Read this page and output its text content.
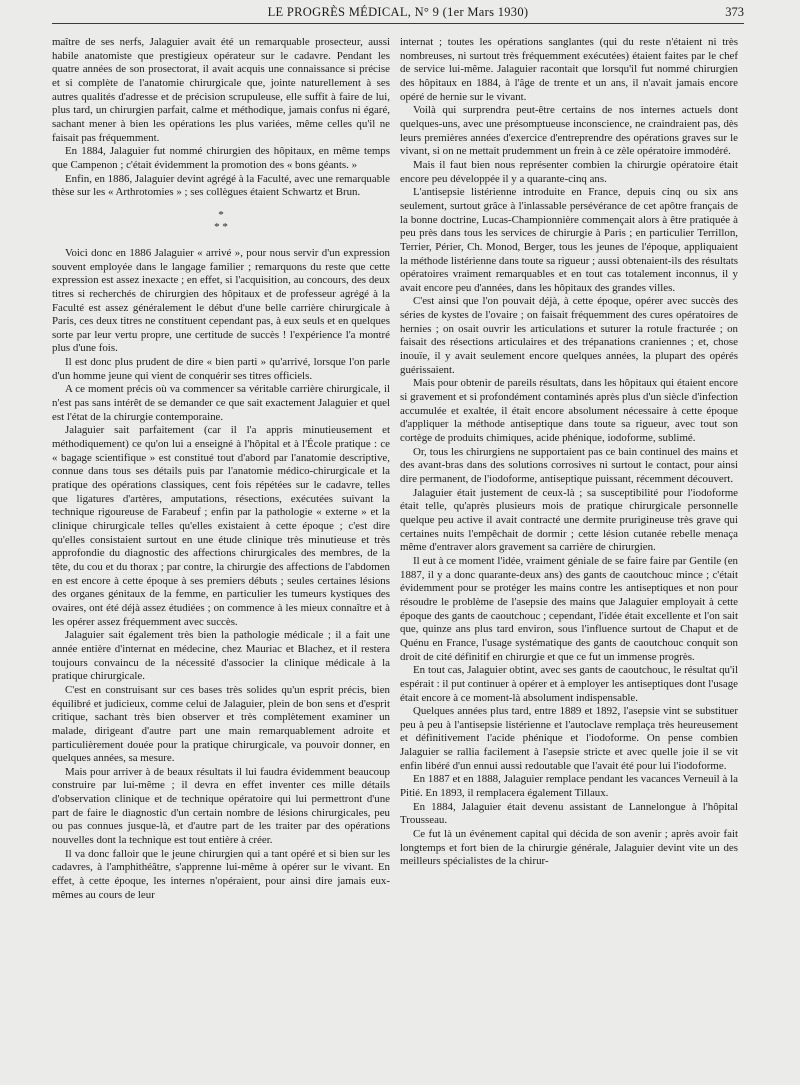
LE PROGRÈS MÉDICAL, N° 9 (1er Mars 1930)	373

maître de ses nerfs, Jalaguier avait été un remarquable prosecteur, aussi habile anatomiste que prestigieux opérateur sur le cadavre. Pendant les quatre années de son prosectorat, il avait acquis une connaissance si précise et si complète de l'anatomie chirurgicale que, jointe naturellement à ses autres qualités d'adresse et de précision scrupuleuse, elle suffit à faire de lui, plus tard, un chirurgien parfait, calme et méthodique, jamais confus ni égaré, sachant mener à bien les opérations les plus variées, même celles qu'il ne faisait pas fréquemment.

En 1884, Jalaguier fut nommé chirurgien des hôpitaux, en même temps que Campenon ; c'était évidemment la promotion des « bons géants. »

Enfin, en 1886, Jalaguier devint agrégé à la Faculté, avec une remarquable thèse sur les « Arthrotomies » ; ses collègues étaient Schwartz et Brun.

*
* *

Voici donc en 1886 Jalaguier « arrivé », pour nous servir d'un expression souvent employée dans le langage familier ; remarquons du reste que cette expression est assez inexacte ; en effet, si l'acquisition, au concours, des deux titres si recherchés de chirurgien des hôpitaux et de professeur agrégé à la Faculté est assez généralement le début d'une belle carrière chirurgicale à Paris, ces deux titres ne constituent cependant pas, à eux seuls et en quelques sorte par leur vertu propre, une certitude de succès ! l'expérience l'a montré plus d'une fois.

Il est donc plus prudent de dire « bien parti » qu'arrivé, lorsque l'on parle d'un homme jeune qui vient de conquérir ses titres officiels.

A ce moment précis où va commencer sa véritable carrière chirurgicale, il n'est pas sans intérêt de se demander ce que sait exactement Jalaguier et quel est l'état de la chirurgie contemporaine.

Jalaguier sait parfaitement (car il l'a appris minutieusement et méthodiquement) ce qu'on lui a enseigné à l'hôpital et à l'École pratique : ce « bagage scientifique » est constitué tout d'abord par l'anatomie descriptive, connue dans tous ses détails puis par l'anatomie médico-chirurgicale et la pratique des opérations classiques, cent fois répétées sur le cadavre, telles que ligatures d'artères, amputations, résections, exécutées suivant la technique rigoureuse de Farabeuf ; enfin par la pathologie « externe » et la clinique chirurgicale telles qu'elles existaient à cette époque ; c'est dire qu'elles consistaient surtout en une étude clinique très minutieuse et très approfondie du diagnostic des affections chirurgicales des membres, de la tête, du cou et du thorax ; par contre, la chirurgie des affections de l'abdomen en est encore à cette époque à ses premiers débuts ; seules certaines lésions des organes génitaux de la femme, en particulier les tumeurs kystiques des ovaires, ont été déjà assez étudiées ; on commence à les mieux connaître et à les opérer assez fréquemment avec succès.

Jalaguier sait également très bien la pathologie médicale ; il a fait une année entière d'internat en médecine, chez Mauriac et Blachez, et il restera toujours convaincu de la nécessité d'associer la clinique médicale à la pratique chirurgicale.

C'est en construisant sur ces bases très solides qu'un esprit précis, bien équilibré et judicieux, comme celui de Jalaguier, plein de bon sens et d'esprit critique, sachant très bien observer et très complètement examiner un malade, dirigeant d'autre part une main remarquablement adroite et particulièrement douée pour la pratique chirurgicale, va pouvoir donner, en quelques années, sa mesure.

Mais pour arriver à de beaux résultats il lui faudra évidemment beaucoup construire par lui-même ; il devra en effet inventer ces mille détails d'observation clinique et de technique opératoire qui lui permettront d'une part de faire le diagnostic d'un certain nombre de lésions chirurgicales, peu ou pas connues jusque-là, et d'autre part de les traiter par des opérations nouvelles dont la technique est tout entière à créer.

Il va donc falloir que le jeune chirurgien qui a tant opéré et si bien sur les cadavres, à l'amphithéâtre, s'apprenne lui-même à opérer sur le vivant. En effet, à cette époque, les internes n'opéraient, pour ainsi dire jamais eux-mêmes au cours de leur

internat ; toutes les opérations sanglantes (qui du reste n'étaient ni très nombreuses, ni surtout très fréquemment exécutées) étaient faites par le chef de service lui-même. Jalaguier racontait que lorsqu'il fut nommé chirurgien des hôpitaux en 1884, à l'âge de trente et un ans, il n'avait jamais encore opéré de hernie sur le vivant.

Voilà qui surprendra peut-être certains de nos internes actuels dont quelques-uns, avec une présomptueuse inconscience, ne craindraient pas, dès leurs premières années d'exercice d'entreprendre des opérations graves sur le vivant, si on ne mettait prudemment un frein à ce zèle opératoire immodéré.

Mais il faut bien nous représenter combien la chirurgie opératoire était encore peu développée il y a quarante-cinq ans.

L'antisepsie listérienne introduite en France, depuis cinq ou six ans seulement, surtout grâce à l'inlassable persévérance de cet apôtre français de la bonne doctrine, Lucas-Championnière commençait alors à être pratiquée à peu près dans tous les services de chirurgie à Paris ; en particulier Terrillon, Terrier, Périer, Ch. Monod, Berger, tous les jeunes de l'époque, appliquaient la méthode listérienne dans toute sa rigueur ; aussi obtenaient-ils des résultats opératoires vraiment remarquables et en tout cas totalement inconnus, il y avait encore peu d'années, dans les hôpitaux des grandes villes.

C'est ainsi que l'on pouvait déjà, à cette époque, opérer avec succès des séries de kystes de l'ovaire ; on faisait fréquemment des cures opératoires de hernies ; on osait ouvrir les articulations et suturer la rotule fracturée ; on faisait des résections articulaires et des trépanations craniennes ; et, chose inouïe, il y avait seulement encore quelques années, la plupart des opérés guérissaient.

Mais pour obtenir de pareils résultats, dans les hôpitaux qui étaient encore si gravement et si profondément contaminés après plus d'un siècle d'infection accumulée et exaltée, il était encore absolument nécessaire à cette époque d'appliquer la méthode antiseptique dans toute sa rigueur, avec tout son cortège de produits chimiques, acide phénique, iodoforme, sublimé.

Or, tous les chirurgiens ne supportaient pas ce bain continuel des mains et des avant-bras dans des solutions corrosives ni surtout le contact, pour ainsi dire permanent, de l'iodoforme, antiseptique puissant, récemment découvert.

Jalaguier était justement de ceux-là ; sa susceptibilité pour l'iodoforme était telle, qu'après plusieurs mois de pratique chirurgicale personnelle quelque peu active il avait contracté une dermite prurigineuse très grave qui certaines nuits l'empêchait de dormir ; cette lésion cutanée rebelle menaça même d'entraver alors gravement sa carrière de chirurgien.

Il eut à ce moment l'idée, vraiment géniale de se faire faire par Gentile (en 1887, il y a donc quarante-deux ans) des gants de caoutchouc mince ; c'était évidemment pour se protéger les mains contre les antiseptiques et non pour résoudre le problème de l'asepsie des mains que Jalaguier employait à cette époque des gants de caoutchouc ; cependant, l'idée était excellente et l'on sait que, quinze ans plus tard environ, sous l'influence surtout de Chaput et de Quénu en France, l'usage systématique des gants de caoutchouc conquit son droit de cité définitif en chirurgie et que ce fut un immense progrès.

En tout cas, Jalaguier obtint, avec ses gants de caoutchouc, le résultat qu'il espérait : il put continuer à opérer et à employer les antiseptiques dont l'usage était encore à ce moment-là absolument indispensable.

Quelques années plus tard, entre 1889 et 1892, l'asepsie vint se substituer peu à peu à l'antisepsie listérienne et l'autoclave remplaça très heureusement et définitivement l'acide phénique et l'iodoforme. On pense combien Jalaguier se rallia facilement à l'asepsie stricte et avec quelle joie il se vit enfin libéré d'un ennui aussi redoutable que l'avait été pour lui l'iodoforme.

En 1887 et en 1888, Jalaguier remplace pendant les vacances Verneuil à la Pitié. En 1893, il remplacera également Tillaux.

En 1884, Jalaguier était devenu assistant de Lannelongue à l'hôpital Trousseau.

Ce fut là un événement capital qui décida de son avenir ; après avoir fait longtemps et fort bien de la chirurgie générale, Jalaguier devint vite un des meilleurs spécialistes de la chirur-
